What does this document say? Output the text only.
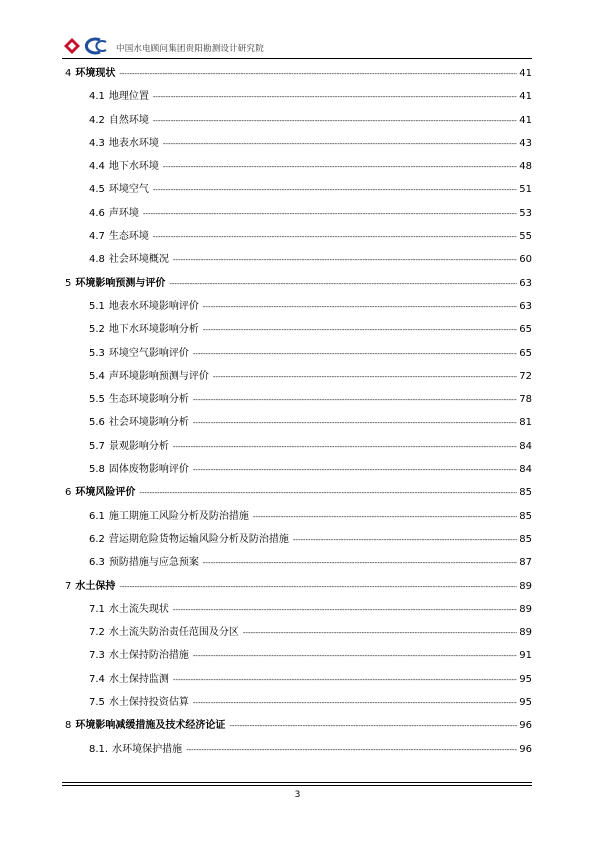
中国水电顾问集团贵阳勘测设计研究院
4 环境现状 -----	41
4.1 地理位置 -----	41
4.2 自然环境 -----	41
4.3 地表水环境 -----	43
4.4 地下水环境 -----	48
4.5 环境空气 -----	51
4.6 声环境 -----	53
4.7 生态环境 -----	55
4.8 社会环境概况 -----	60
5 环境影响预测与评价 -----	63
5.1 地表水环境影响评价 -----	63
5.2 地下水环境影响分析 -----	65
5.3 环境空气影响评价 -----	65
5.4 声环境影响预测与评价 -----	72
5.5 生态环境影响分析 -----	78
5.6 社会环境影响分析 -----	81
5.7 景观影响分析 -----	84
5.8 固体废物影响评价 -----	84
6 环境风险评价 -----	85
6.1 施工期施工风险分析及防治措施 -----	85
6.2 营运期危险货物运输风险分析及防治措施 -----	85
6.3 预防措施与应急预案 -----	87
7 水土保持 -----	89
7.1 水土流失现状 -----	89
7.2 水土流失防治责任范围及分区 -----	89
7.3 水土保持防治措施 -----	91
7.4 水土保持监测 -----	95
7.5 水土保持投资估算 -----	95
8 环境影响减缓措施及技术经济论证 -----	96
8.1. 水环境保护措施 -----	96
3
